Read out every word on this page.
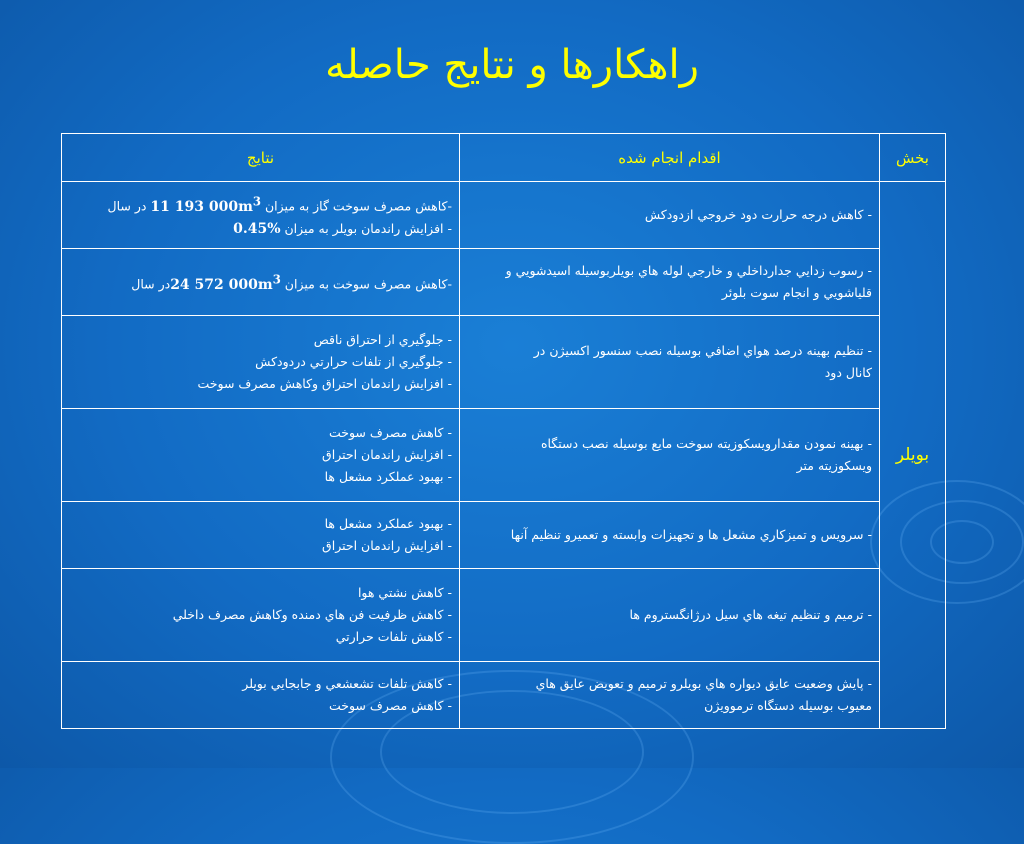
راهکارها و نتايج حاصله
بخش	اقدام انجام شده	نتايج
بويلر	- کاهش درجه حرارت دود خروجي ازدودکش	-کاهش مصرف سوخت گاز به ميزان 11 193 $000m^3$ در سال
- افزايش راندمان بويلر به ميزان 0.45%

	- رسوب زدايي جدارداخلي و خارجي لوله هاي بويلربوسيله اسيدشويي و
قلياشويي و انجام سوت بلوئر	-کاهش مصرف سوخت به ميزان 24 572 $000m^3در$ سال

	- تنظيم بهينه درصد هواي اضافي بوسيله نصب سنسور اکسيژن در
کانال دود	- جلوگيري از احتراق ناقص
- جلوگيري از تلفات حرارتي دردودکش
- افزايش راندمان احتراق وکاهش مصرف سوخت

	- بهينه نمودن مقدارويسکوزيته سوخت مايع بوسيله نصب دستگاه
ويسکوزيته متر	- کاهش مصرف سوخت
- افزايش راندمان احتراق
- بهبود عملکرد مشعل ها

	- سرويس و تميزکاري مشعل ها و تجهيزات وابسته و تعميرو تنظيم آنها	- بهبود عملکرد مشعل ها
- افزايش راندمان احتراق

	- ترميم و تنظيم تيغه هاي سيل درژانگستروم ها	- کاهش نشتي هوا
- کاهش ظرفيت فن هاي دمنده وکاهش مصرف داخلي
- کاهش تلفات حرارتي

	- پايش وضعيت عايق ديواره هاي بويلرو ترميم و تعويض عايق هاي
معيوب بوسيله دستگاه ترموويژن	- کاهش تلفات تشعشعي و جابجايي بويلر
- کاهش مصرف سوخت
